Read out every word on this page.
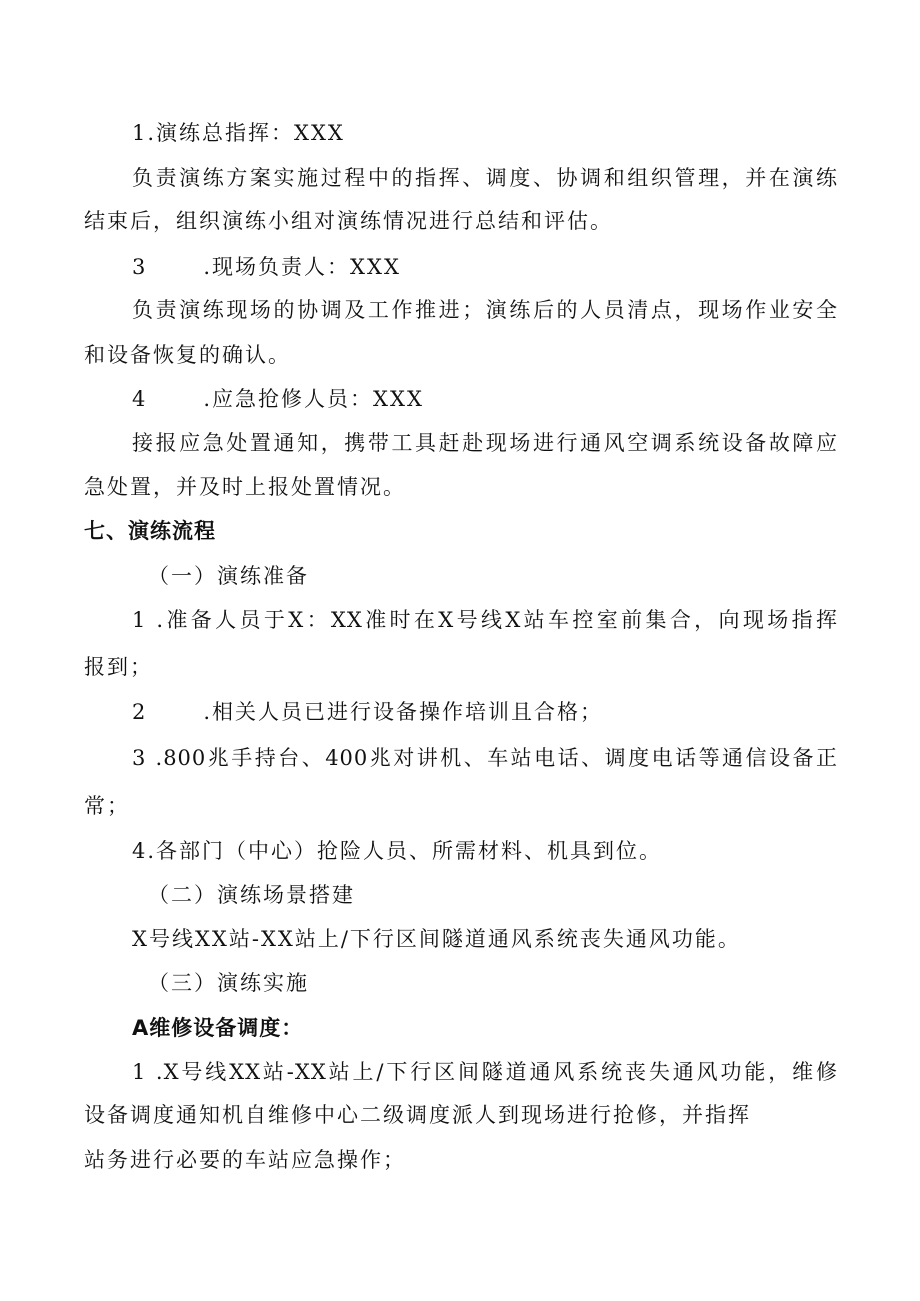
1.演练总指挥：XXX
负责演练方案实施过程中的指挥、调度、协调和组织管理，并在演练
结束后，组织演练小组对演练情况进行总结和评估。
3	.现场负责人：XXX
负责演练现场的协调及工作推进；演练后的人员清点，现场作业安全
和设备恢复的确认。
4	.应急抢修人员：XXX
接报应急处置通知，携带工具赶赴现场进行通风空调系统设备故障应
急处置，并及时上报处置情况。
七、演练流程
（一）演练准备
1 .准备人员于X：XX准时在X号线X站车控室前集合，向现场指挥
报到；
2	.相关人员已进行设备操作培训且合格；
3 .800兆手持台、400兆对讲机、车站电话、调度电话等通信设备正
常；
4.各部门（中心）抢险人员、所需材料、机具到位。
（二）演练场景搭建
X号线XX站-XX站上/下行区间隧道通风系统丧失通风功能。
（三）演练实施
A维修设备调度：
1 .X号线XX站-XX站上/下行区间隧道通风系统丧失通风功能，维修
设备调度通知机自维修中心二级调度派人到现场进行抢修，并指挥
站务进行必要的车站应急操作；
